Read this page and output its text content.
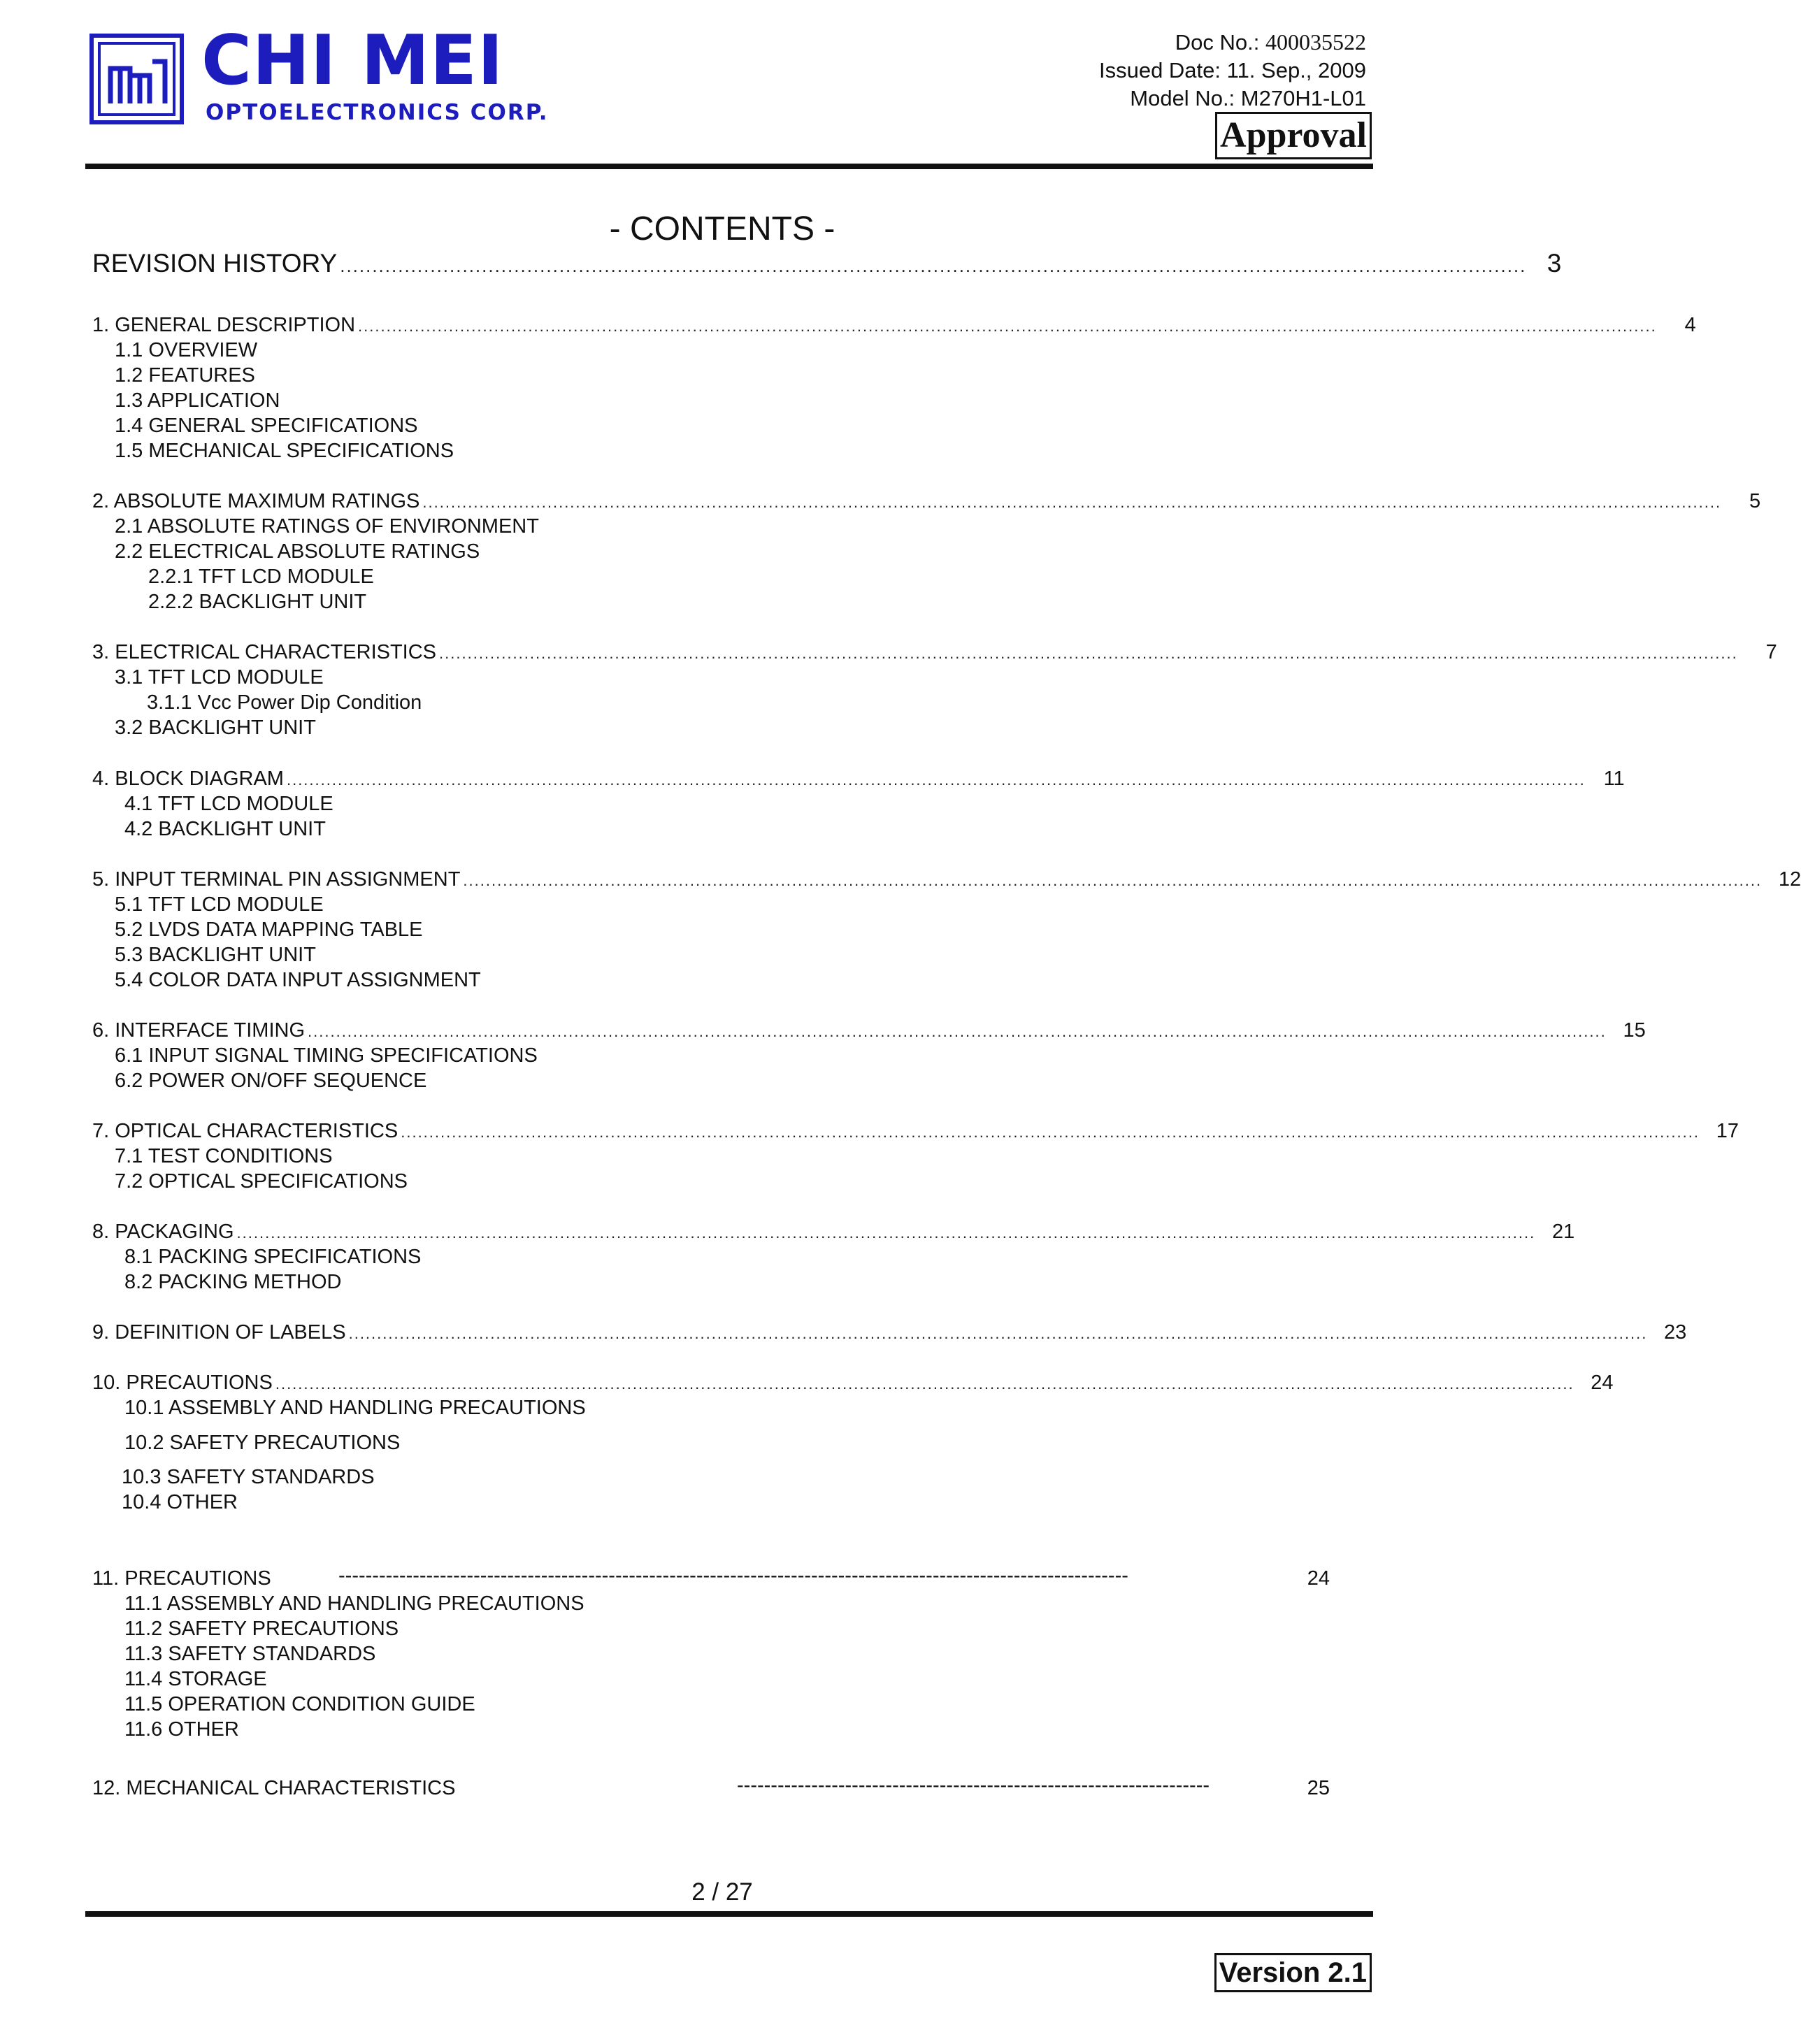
CHI MEI
OPTOELECTRONICS CORP.
Doc No.: 400035522
Issued Date: 11. Sep., 2009
Model No.: M270H1-L01
Approval
- CONTENTS -
REVISION HISTORY ........................................................................................................................................................................................ 3
1. GENERAL DESCRIPTION .....................................................................................................................................................................................................................................	4
1.1 OVERVIEW
1.2 FEATURES
1.3 APPLICATION
1.4 GENERAL SPECIFICATIONS
1.5 MECHANICAL SPECIFICATIONS
2. ABSOLUTE MAXIMUM RATINGS .....................................................................................................................................................................................................................................	5
2.1 ABSOLUTE RATINGS OF ENVIRONMENT
2.2 ELECTRICAL ABSOLUTE RATINGS
2.2.1 TFT LCD MODULE
2.2.2 BACKLIGHT UNIT
3. ELECTRICAL CHARACTERISTICS .....................................................................................................................................................................................................................................	7
3.1 TFT LCD MODULE
3.1.1 Vcc Power Dip Condition
3.2 BACKLIGHT UNIT
4. BLOCK DIAGRAM ..................................................................................................................................................................................................................................... 11
4.1 TFT LCD MODULE
4.2 BACKLIGHT UNIT
5. INPUT TERMINAL PIN ASSIGNMENT ..................................................................................................................................................................................................................................... 12
5.1 TFT LCD MODULE
5.2 LVDS DATA MAPPING TABLE
5.3 BACKLIGHT UNIT
5.4 COLOR DATA INPUT ASSIGNMENT
6. INTERFACE TIMING ..................................................................................................................................................................................................................................... 15
6.1 INPUT SIGNAL TIMING SPECIFICATIONS
6.2 POWER ON/OFF SEQUENCE
7. OPTICAL CHARACTERISTICS ..................................................................................................................................................................................................................................... 17
7.1 TEST CONDITIONS
7.2 OPTICAL SPECIFICATIONS
8. PACKAGING ..................................................................................................................................................................................................................................... 21
8.1 PACKING SPECIFICATIONS
8.2 PACKING METHOD
9. DEFINITION OF LABELS ..................................................................................................................................................................................................................................... 23
10. PRECAUTIONS ..................................................................................................................................................................................................................................... 24
10.1 ASSEMBLY AND HANDLING PRECAUTIONS
10.2 SAFETY PRECAUTIONS
10.3 SAFETY STANDARDS
10.4 OTHER
11. PRECAUTIONS	---------------------------------------------------------------------------------------------------------------------	24
11.1 ASSEMBLY AND HANDLING PRECAUTIONS
11.2 SAFETY PRECAUTIONS
11.3 SAFETY STANDARDS
11.4 STORAGE
11.5 OPERATION CONDITION GUIDE
11.6 OTHER
12. MECHANICAL CHARACTERISTICS	----------------------------------------------------------------------	25
2 / 27
Version 2.1
